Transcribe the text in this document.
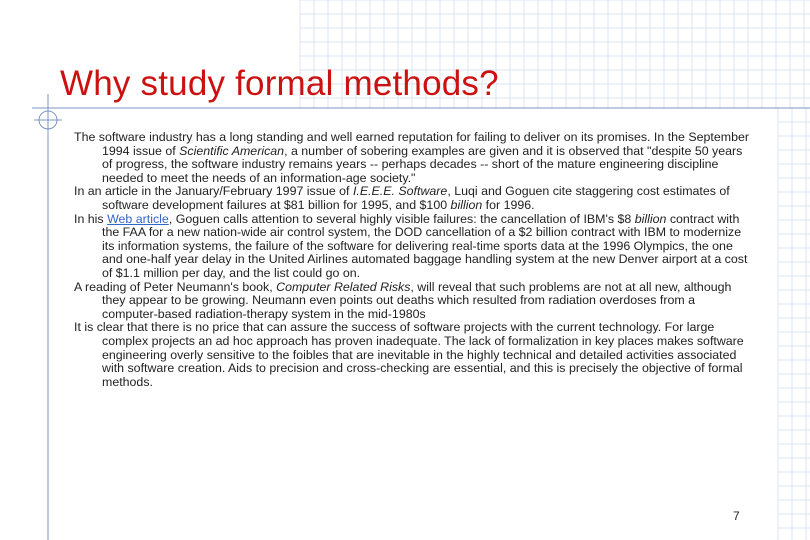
Why study formal methods?

The software industry has a long standing and well earned reputation for failing to deliver on its promises. In the September 1994 issue of Scientific American, a number of sobering examples are given and it is observed that "despite 50 years of progress, the software industry remains years -- perhaps decades -- short of the mature engineering discipline needed to meet the needs of an information-age society."

In an article in the January/February 1997 issue of I.E.E.E. Software, Luqi and Goguen cite staggering cost estimates of software development failures at $81 billion for 1995, and $100 billion for 1996.

In his Web article, Goguen calls attention to several highly visible failures: the cancellation of IBM's $8 billion contract with the FAA for a new nation-wide air control system, the DOD cancellation of a $2 billion contract with IBM to modernize its information systems, the failure of the software for delivering real-time sports data at the 1996 Olympics, the one and one-half year delay in the United Airlines automated baggage handling system at the new Denver airport at a cost of $1.1 million per day, and the list could go on.

A reading of Peter Neumann's book, Computer Related Risks, will reveal that such problems are not at all new, although they appear to be growing. Neumann even points out deaths which resulted from radiation overdoses from a computer-based radiation-therapy system in the mid-1980s

It is clear that there is no price that can assure the success of software projects with the current technology. For large complex projects an ad hoc approach has proven inadequate. The lack of formalization in key places makes software engineering overly sensitive to the foibles that are inevitable in the highly technical and detailed activities associated with software creation. Aids to precision and cross-checking are essential, and this is precisely the objective of formal methods.

7
